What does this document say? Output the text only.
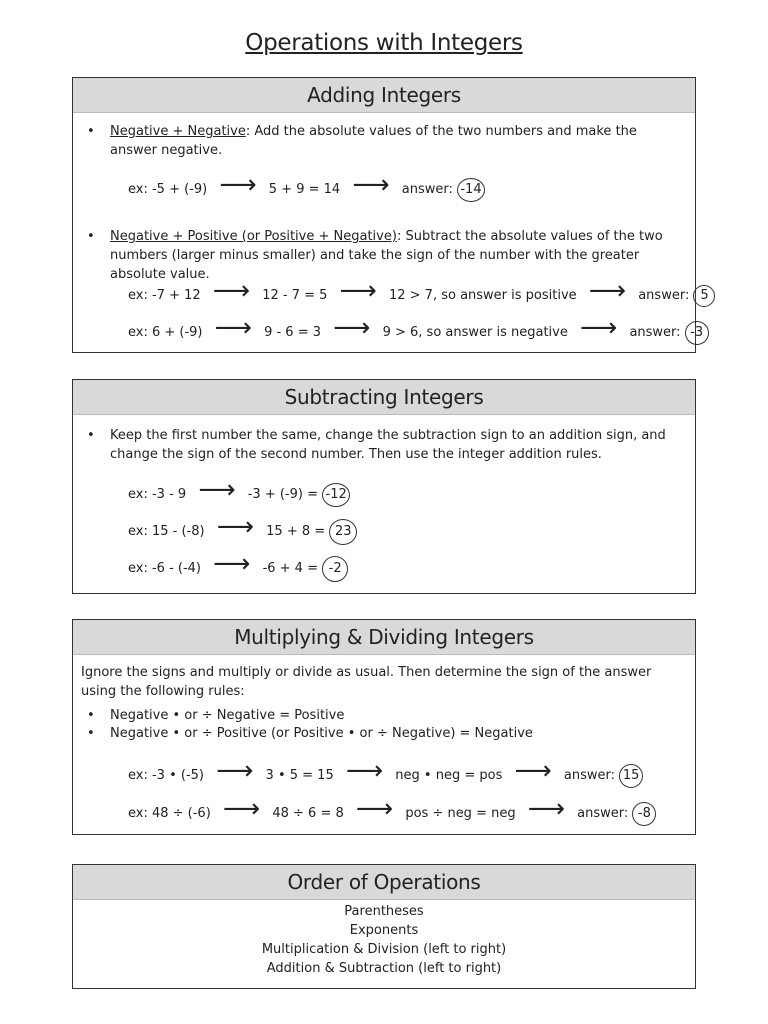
Operations with Integers
Adding Integers
• Negative + Negative: Add the absolute values of the two numbers and make the answer negative.
ex: -5 + (-9) ⟶ 5 + 9 = 14 ⟶ answer: -14
• Negative + Positive (or Positive + Negative): Subtract the absolute values of the two numbers (larger minus smaller) and take the sign of the number with the greater absolute value.
ex: -7 + 12 ⟶ 12 - 7 = 5 ⟶ 12 > 7, so answer is positive ⟶ answer: 5
ex: 6 + (-9) ⟶ 9 - 6 = 3 ⟶ 9 > 6, so answer is negative ⟶ answer: -3
Subtracting Integers
• Keep the first number the same, change the subtraction sign to an addition sign, and change the sign of the second number. Then use the integer addition rules.
ex: -3 - 9 ⟶ -3 + (-9) = -12
ex: 15 - (-8) ⟶ 15 + 8 = 23
ex: -6 - (-4) ⟶ -6 + 4 = -2
Multiplying & Dividing Integers
Ignore the signs and multiply or divide as usual. Then determine the sign of the answer using the following rules:
• Negative • or ÷ Negative = Positive
• Negative • or ÷ Positive (or Positive • or ÷ Negative) = Negative
ex: -3 • (-5) ⟶ 3 • 5 = 15 ⟶ neg • neg = pos ⟶ answer: 15
ex: 48 ÷ (-6) ⟶ 48 ÷ 6 = 8 ⟶ pos ÷ neg = neg ⟶ answer: -8
Order of Operations
Parentheses
Exponents
Multiplication & Division (left to right)
Addition & Subtraction (left to right)
